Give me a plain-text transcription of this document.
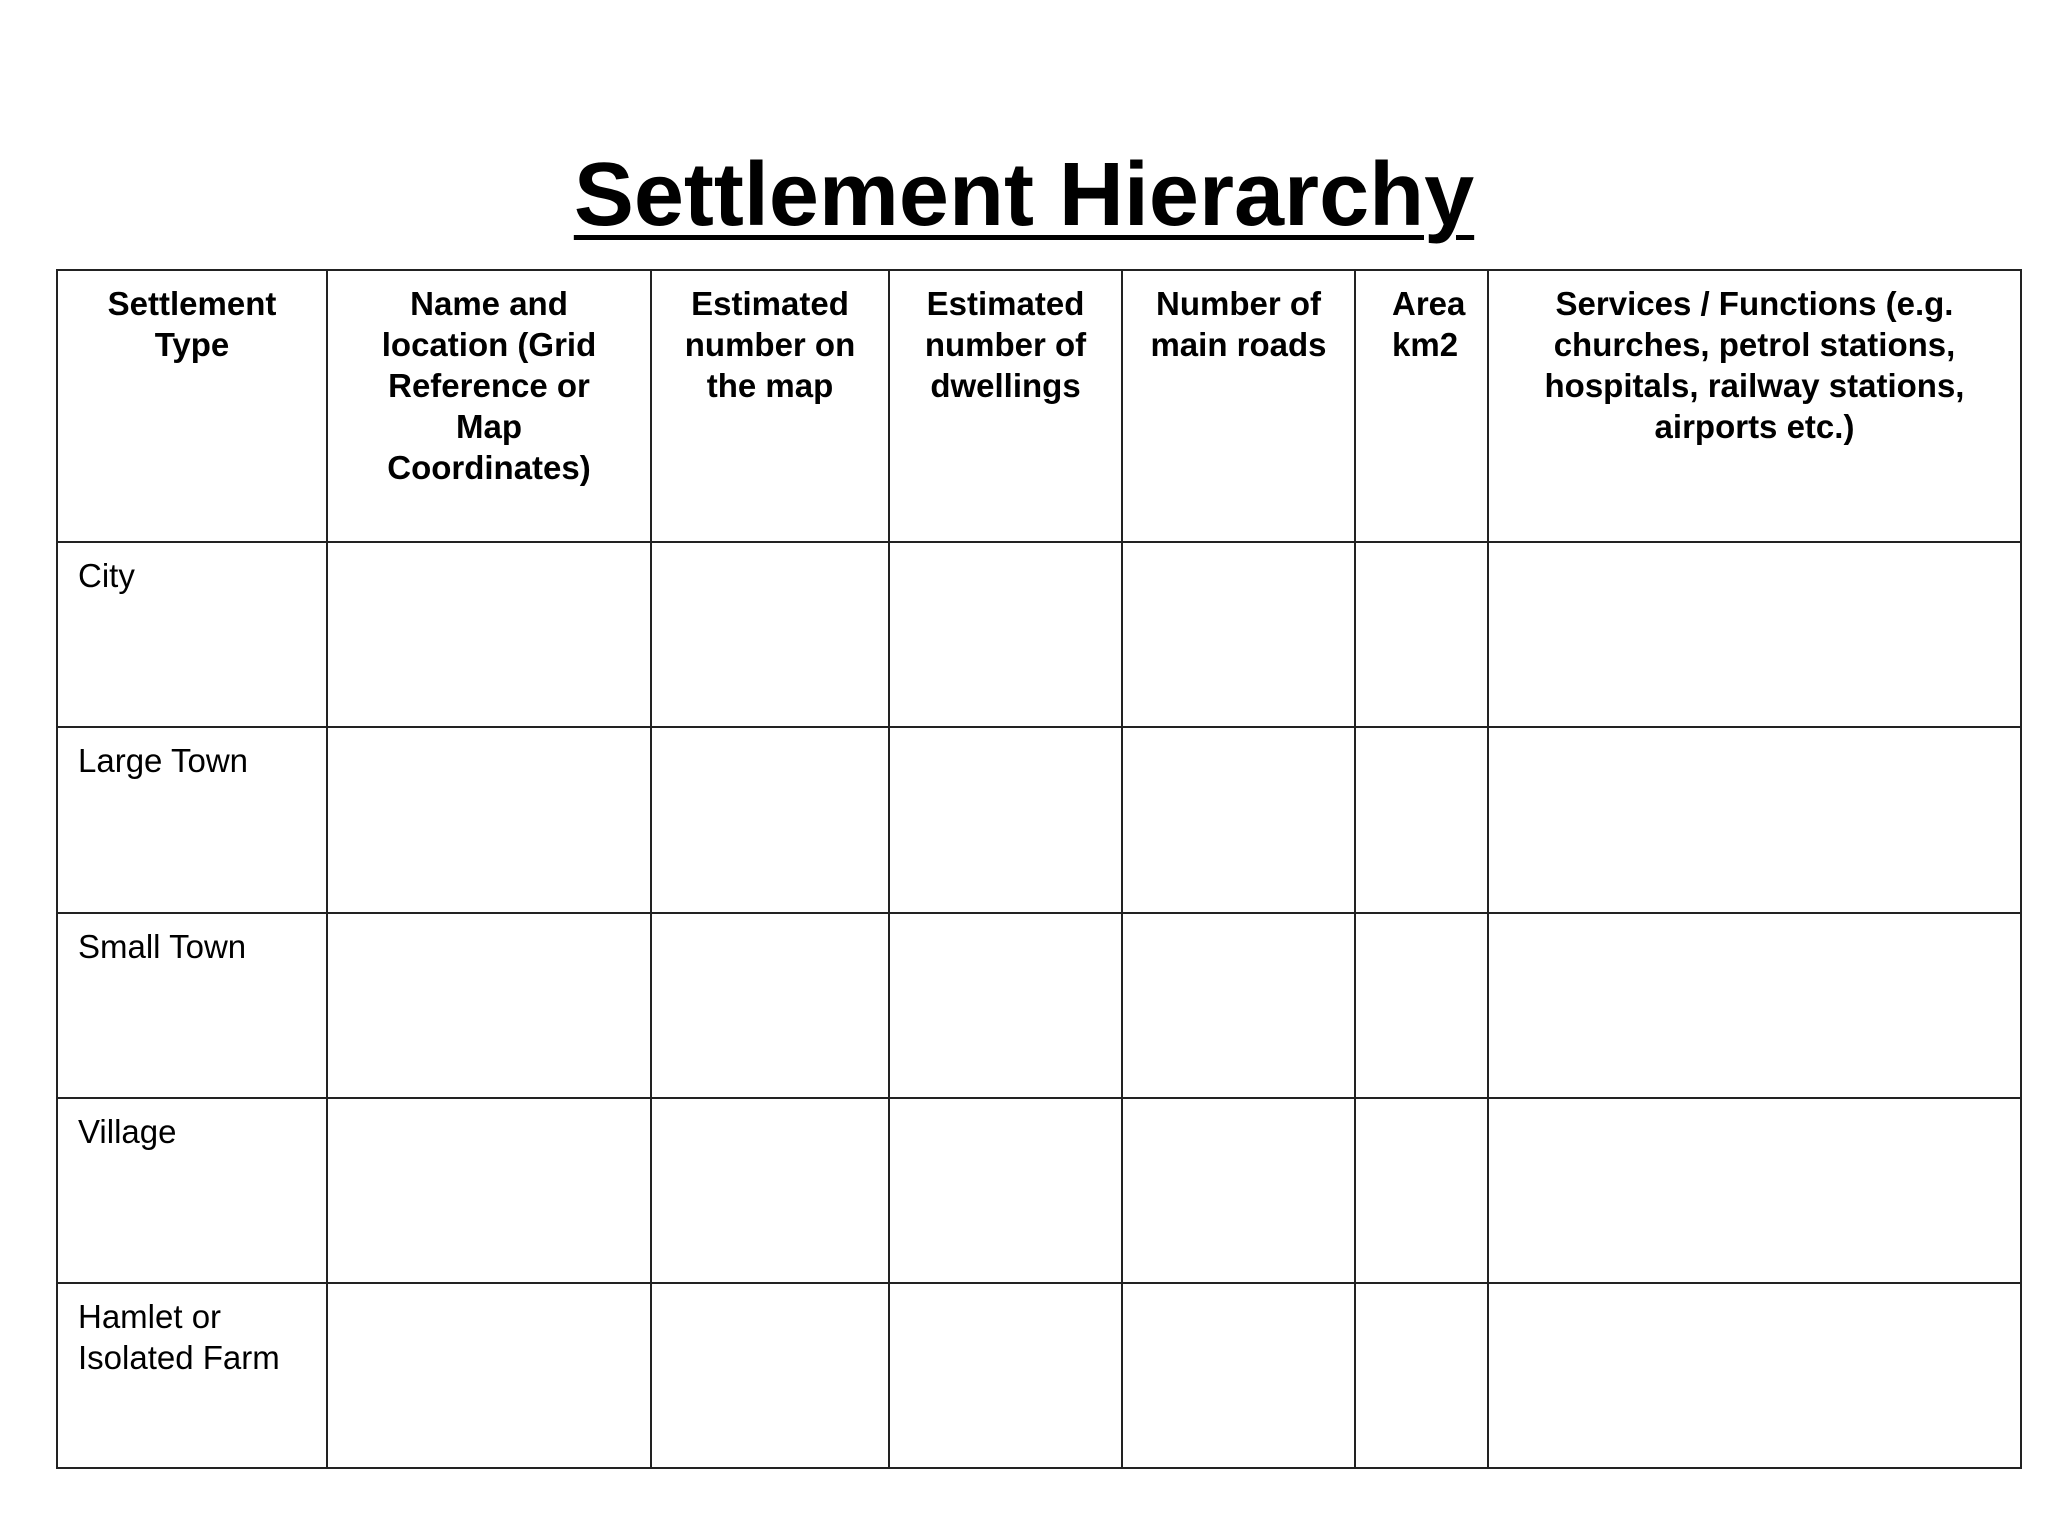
Settlement Hierarchy
Settlement Type	Name and location (Grid Reference or Map Coordinates)	Estimated number on the map	Estimated number of dwellings	Number of main roads	Area km2	Services / Functions (e.g. churches, petrol stations, hospitals, railway stations, airports etc.)

City						
Large Town						
Small Town						
Village						

Hamlet or Isolated Farm						
